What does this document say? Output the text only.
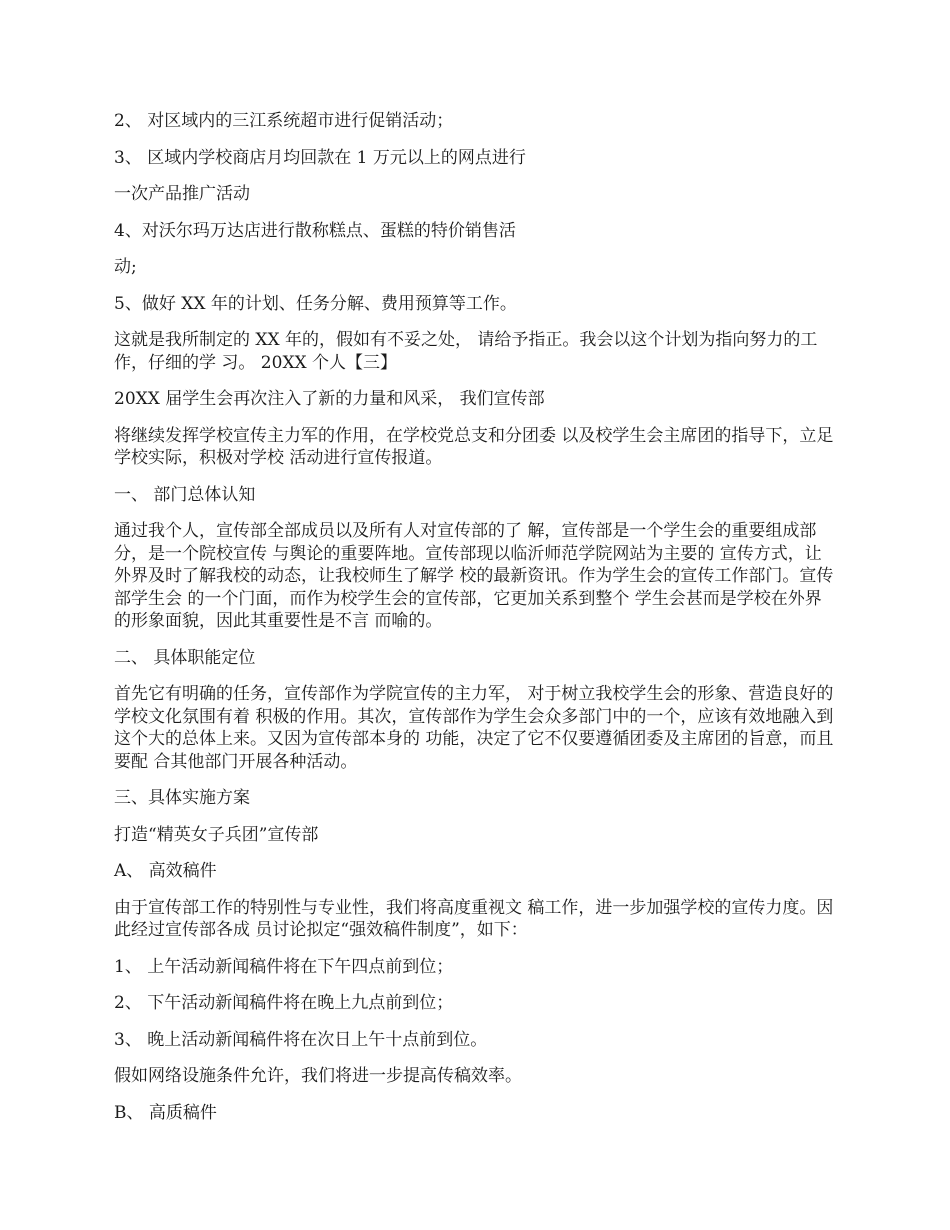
2、 对区域内的三江系统超市进行促销活动；

3、 区域内学校商店月均回款在 1 万元以上的网点进行

一次产品推广活动

4、对沃尔玛万达店进行散称糕点、蛋糕的特价销售活

动;

5、做好 XX 年的计划、任务分解、费用预算等工作。

这就是我所制定的 XX 年的，假如有不妥之处， 请给予指正。我会以这个计划为指向努力的工作，仔细的学 习。 20XX 个人【三】

20XX 届学生会再次注入了新的力量和风采， 我们宣传部

将继续发挥学校宣传主力军的作用，在学校党总支和分团委 以及校学生会主席团的指导下，立足学校实际，积极对学校 活动进行宣传报道。

一、 部门总体认知

通过我个人，宣传部全部成员以及所有人对宣传部的了 解，宣传部是一个学生会的重要组成部分，是一个院校宣传 与舆论的重要阵地。宣传部现以临沂师范学院网站为主要的 宣传方式，让外界及时了解我校的动态，让我校师生了解学 校的最新资讯。作为学生会的宣传工作部门。宣传部学生会 的一个门面，而作为校学生会的宣传部，它更加关系到整个 学生会甚而是学校在外界的形象面貌，因此其重要性是不言 而喻的。

二、 具体职能定位

首先它有明确的任务，宣传部作为学院宣传的主力军， 对于树立我校学生会的形象、营造良好的学校文化氛围有着 积极的作用。其次，宣传部作为学生会众多部门中的一个，应该有效地融入到这个大的总体上来。又因为宣传部本身的 功能，决定了它不仅要遵循团委及主席团的旨意，而且要配 合其他部门开展各种活动。

三、具体实施方案

打造“精英女子兵团”宣传部

A、 高效稿件

由于宣传部工作的特别性与专业性，我们将高度重视文 稿工作，进一步加强学校的宣传力度。因此经过宣传部各成 员讨论拟定“强效稿件制度”，如下：

1、 上午活动新闻稿件将在下午四点前到位；

2、 下午活动新闻稿件将在晚上九点前到位；

3、 晚上活动新闻稿件将在次日上午十点前到位。

假如网络设施条件允许，我们将进一步提高传稿效率。

B、 高质稿件
